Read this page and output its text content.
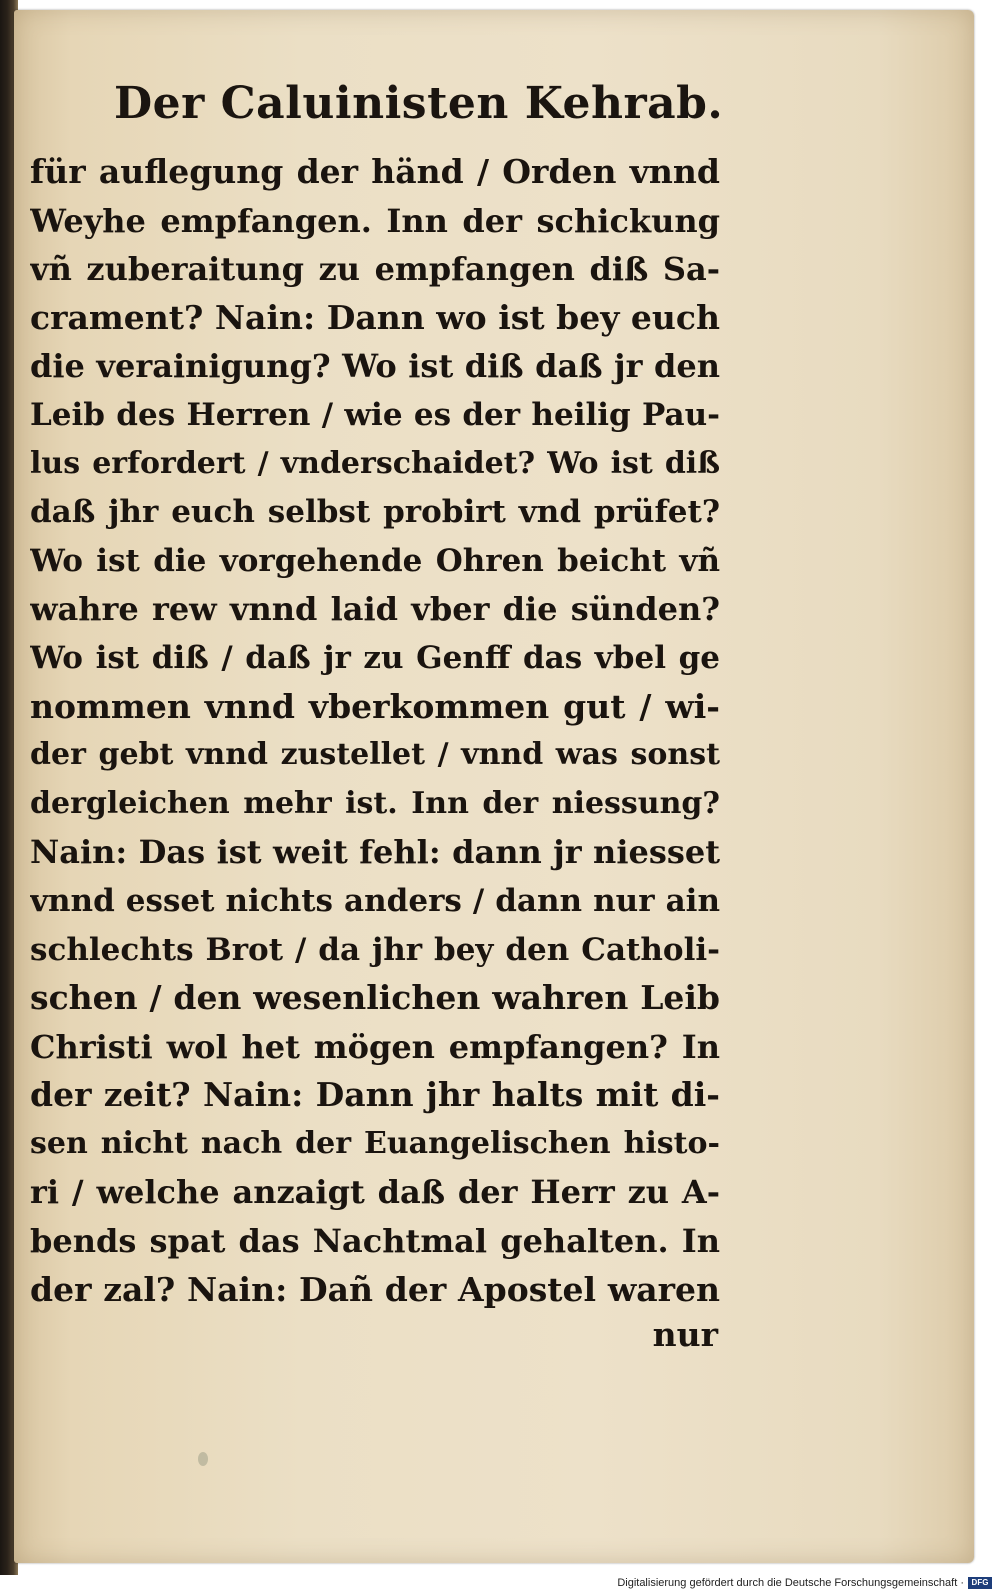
Der Caluinisten Kehrab.
für auflegung der händ / Orden vnnd
Weyhe empfangen. Inn der schickung
vñ zuberaitung zu empfangen diß Sa-
crament? Nain: Dann wo ist bey euch
die verainigung? Wo ist diß daß jr den
Leib des Herren / wie es der heilig Pau-
lus erfordert / vnderschaidet? Wo ist diß
daß jhr euch selbst probirt vnd prüfet?
Wo ist die vorgehende Ohren beicht vñ
wahre rew vnnd laid vber die sünden?
Wo ist diß / daß jr zu Genff das vbel ge
nommen vnnd vberkommen gut / wi-
der gebt vnnd zustellet / vnnd was sonst
dergleichen mehr ist. Inn der niessung?
Nain: Das ist weit fehl: dann jr niesset
vnnd esset nichts anders / dann nur ain
schlechts Brot / da jhr bey den Catholi-
schen / den wesenlichen wahren Leib
Christi wol het mögen empfangen? In
der zeit? Nain: Dann jhr halts mit di-
sen nicht nach der Euangelischen histo-
ri / welche anzaigt daß der Herr zu A-
bends spat das Nachtmal gehalten. In
der zal? Nain: Dañ der Apostel waren
nur
Digitalisierung gefördert durch die Deutsche Forschungsgemeinschaft · DFG
